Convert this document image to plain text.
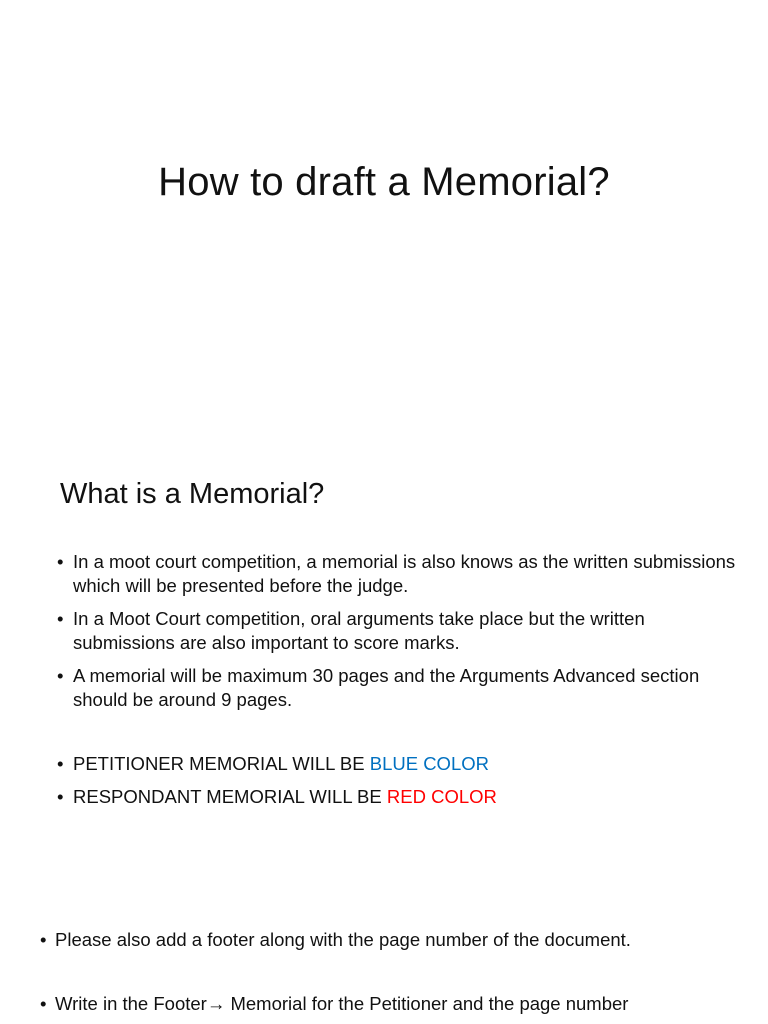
How to draft a Memorial?
What is a Memorial?
• In a moot court competition, a memorial is also knows as the written submissions which will be presented before the judge.
• In a Moot Court competition, oral arguments take place but the written submissions are also important to score marks.
• A memorial will be maximum 30 pages and the Arguments Advanced section should be around 9 pages.
• PETITIONER MEMORIAL WILL BE BLUE COLOR
• RESPONDANT MEMORIAL WILL BE RED COLOR
• Please also add a footer along with the page number of the document.
• Write in the Footer→ Memorial for the Petitioner and the page number
